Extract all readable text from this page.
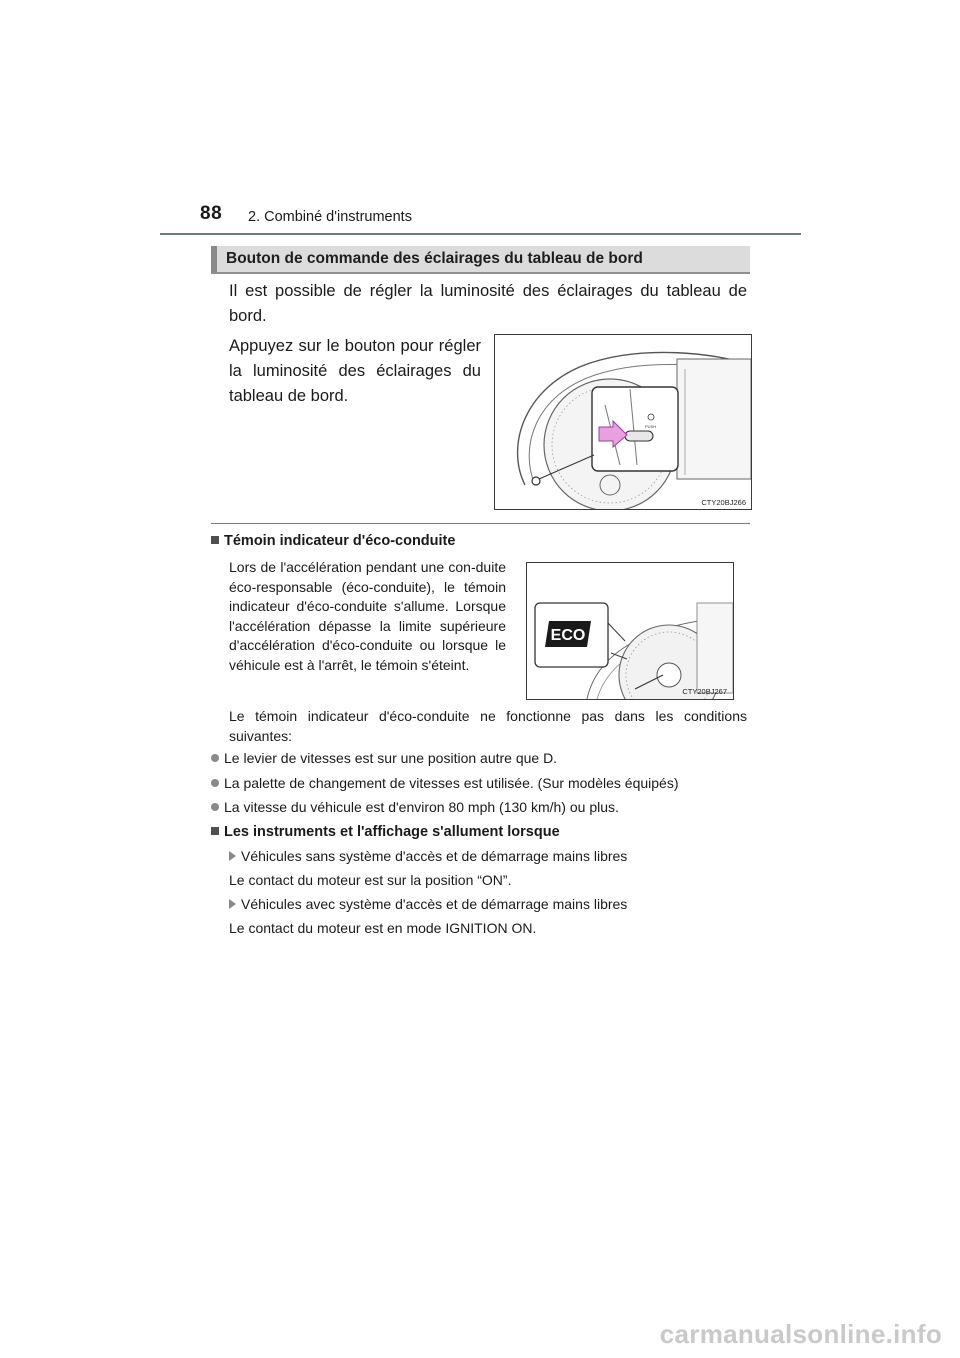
88 2. Combiné d'instruments
Bouton de commande des éclairages du tableau de bord
Il est possible de régler la luminosité des éclairages du tableau de bord.
Appuyez sur le bouton pour régler la luminosité des éclairages du tableau de bord.
PUSH
CTY20BJ266
Témoin indicateur d'éco-conduite
Lors de l'accélération pendant une con-duite éco-responsable (éco-conduite), le témoin indicateur d'éco-conduite s'allume. Lorsque l'accélération dépasse la limite supérieure d'accélération d'éco-conduite ou lorsque le véhicule est à l'arrêt, le témoin s'éteint.
ECO
CTY20BJ267
Le témoin indicateur d'éco-conduite ne fonctionne pas dans les conditions suivantes:
Le levier de vitesses est sur une position autre que D.
La palette de changement de vitesses est utilisée. (Sur modèles équipés)
La vitesse du véhicule est d'environ 80 mph (130 km/h) ou plus.
Les instruments et l'affichage s'allument lorsque
Véhicules sans système d'accès et de démarrage mains libres
Le contact du moteur est sur la position “ON”.
Véhicules avec système d'accès et de démarrage mains libres
Le contact du moteur est en mode IGNITION ON.
carmanualsonline.info
